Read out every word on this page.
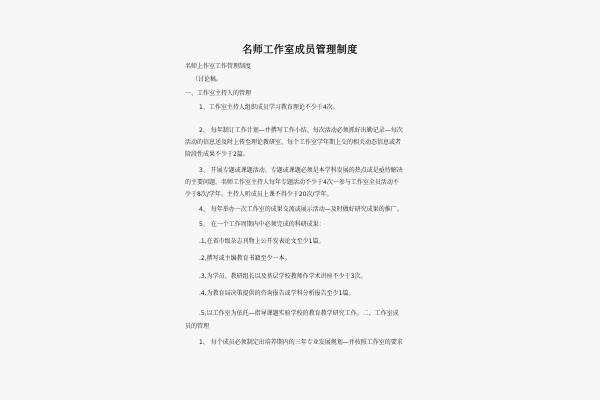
名师工作室成员管理制度
名师上作室工作管理制度
（讨论稿。
一、工作室主持人的管理
1、工作室主持人组织成员学习教育理论不少于4次。
2、 每年制订工作计划—并撰写工作小结、每次活动必须抓好出勤记录—每次
活动的信息送及时上传至理论教研室、每个工作室学年期上交的相关动态信息或者
阶段性成果不少于2篇。
3、 开展专题或课题活动、专题或课题必须是本学科发展的热点或是亟待解决
的主要问题。名师工作室主持人每年专题活动不少于4次一参与工作室全员活动不
少于8次/学年、主持人听成员上课不得少于20次/学年。
4、 每年举办一次工作室的成果交流或展示活动—及时做好研究成果的推广。
5、 在一个工作周期内中必须完成的科研成果：
.1,在省市级杂志刊物上公开发表论文至少1篇。
.2,撰写或主编教育书籍至少一本。
.3,为学员、教研组长以及基层学校教师作学术讲座不少于3次。
.4,为教育局决策提供的咨询报告或学科分析报告至少1篇。
.5,以工作室为依托—指导课题实验学校的教育教学研究工作。二、工作室成
员的管理
1、 每个成员必须制定出培养期内的三年专业发展规划—并按照工作室的要求
